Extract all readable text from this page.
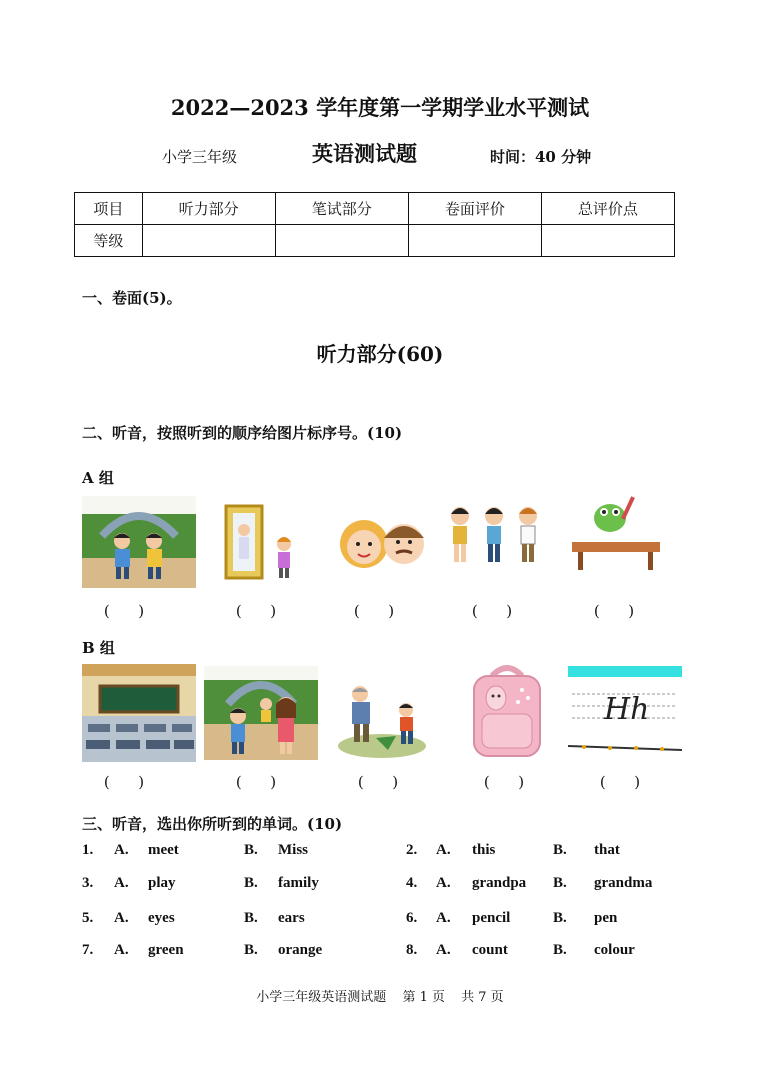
2022—2023 学年度第一学期学业水平测试
小学三年级	英语测试题	时间：40 分钟
项目	听力部分	笔试部分	卷面评价	总评价点
等级				
一、卷面(5)。
听力部分(60)
二、听音，按照听到的顺序给图片标序号。(10)
A 组
(      )	(      )	(      )	(      )	(      )
B 组
Hh
(      )	(      )	(      )	(      )	(      )
三、听音，选出你所听到的单词。(10)
1. A. meet	B. Miss	2. A. this	B. that
3. A. play	B. family	4. A. grandpa B. grandma
5. A. eyes	B. ears	6. A. pencil	B. pen
7. A. green	B. orange	8. A. count	B. colour
小学三年级英语测试题 第 1 页 共 7 页
